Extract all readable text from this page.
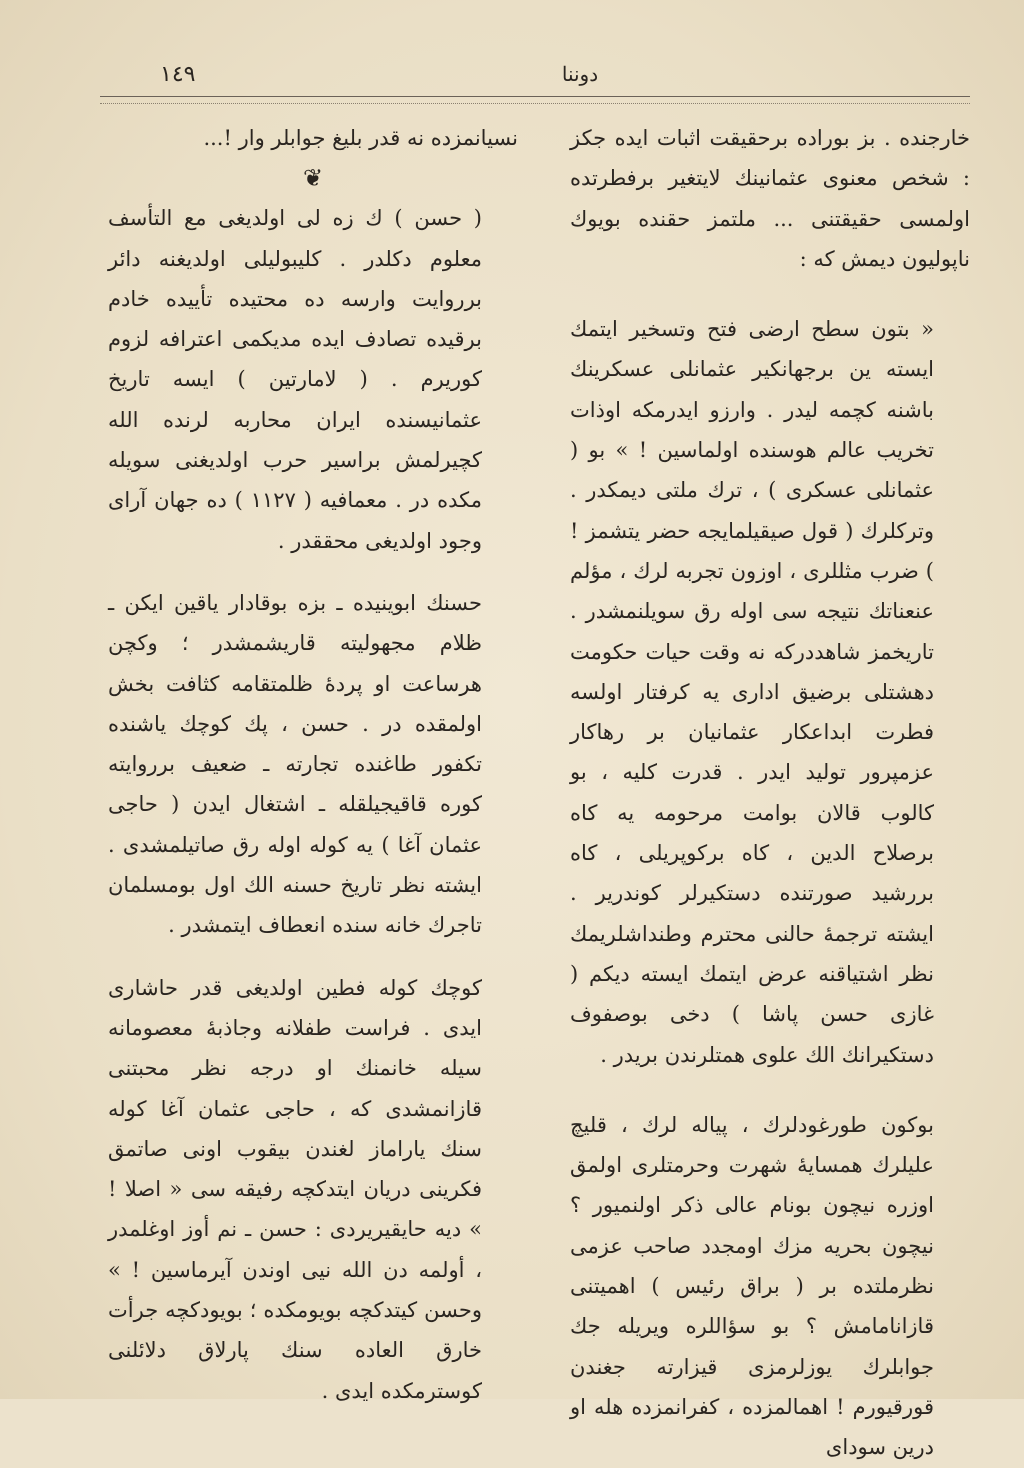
١٤٩	دوننا

خارجنده . بز بوراده برحقیقت اثبات ایده جکز : شخص معنوی عثمانینك لایتغیر برفطرتده اولمسی حقیقتنی ... ملتمز حقنده بویوك ناپولیون دیمش که :

« بتون سطح ارضی فتح وتسخیر ایتمك ایسته ین برجهانکیر عثمانلی عسکرینك باشنه کچمه لیدر . وارزو ایدرمکه اوذات تخریب عالم هوسنده اولماسین ! » بو ( عثمانلی عسکری ) ، ترك ملتی دیمکدر . وترکلرك ( قول صیقیلمایجه حضر یتشمز ! ) ضرب مثللری ، اوزون تجربه لرك ، مؤلم عنعناتك نتیجه سی اوله رق سویلنمشدر . تاریخمز شاهددرکه نه وقت حیات حکومت دهشتلی برضیق اداری یه کرفتار اولسه فطرت ابداعکار عثمانیان بر رهاکار عزمپرور تولید ایدر . قدرت کلیه ، بو کالوب قالان بوامت مرحومه یه کاه برصلاح الدین ، کاه برکوپریلی ، کاه بررشید صورتنده دستکیرلر کوندریر . ایشته ترجمهٔ حالنی محترم وطنداشلریمك نظر اشتیاقنه عرض ایتمك ایسته دیکم ( غازی حسن پاشا ) دخی بوصفوف دستکیرانك الك علوی همتلرندن بریدر .

بوکون طورغودلرك ، پیاله لرك ، قلیچ علیلرك همسایهٔ شهرت وحرمتلری اولمق اوزره نیچون بونام عالی ذکر اولنمیور ؟ نیچون بحریه مزك اومجدد صاحب عزمی نظرملتده بر ( براق رئیس ) اهمیتنی قازانامامش ؟ بو سؤاللره ویریله جك جوابلرك یوزلرمزی قیزارته جغندن قورقیورم ! اهمالمزده ، کفرانمزده هله او درین سودای

نسیانمزده نه قدر بلیغ جوابلر وار !...

❦

( حسن ) ك زه لی اولدیغی مع التأسف معلوم دکلدر . کلیبولیلی اولدیغنه دائر برروایت وارسه ده محتیده تأییده خادم برقیده تصادف ایده مدیکمی اعترافه لزوم کوریرم . ( لامارتین ) ایسه تاریخ عثمانیسنده ایران محاربه لرنده الله کچیرلمش براسیر حرب اولدیغنی سویله مکده در . معمافیه ( ١١٢٧ ) ده جهان آرای وجود اولدیغی محققدر .

حسنك ابوینیده ـ بزه بوقادار یاقین ایکن ـ ظلام مجهولیته قاریشمشدر ؛ وکچن هرساعت او پردهٔ ظلمتقامه کثافت بخش اولمقده در . حسن ، پك کوچك یاشنده تکفور طاغنده تجارته ـ ضعیف برروایته کوره قاقیجیلقله ـ اشتغال ایدن ( حاجی عثمان آغا ) یه کوله اوله رق صاتیلمشدی . ایشته نظر تاریخ حسنه الك اول بومسلمان تاجرك خانه سنده انعطاف ایتمشدر .

کوچك کوله فطین اولدیغی قدر حاشاری ایدی . فراست طفلانه وجاذبهٔ معصومانه سیله خانمنك او درجه نظر محبتنی قازانمشدی که ، حاجی عثمان آغا کوله سنك یاراماز لغندن بیقوب اونی صاتمق فکرینی دریان ایتدکچه رفیقه سی « اصلا ! » دیه حایقیریردی : حسن ـ نم أوز اوغلمدر ، أولمه دن الله نیی اوندن آیرماسین ! » وحسن کیتدکچه بویومکده ؛ بویودکچه جرأت خارق العاده سنك پارلاق دلائلنی کوسترمکده ایدی .
